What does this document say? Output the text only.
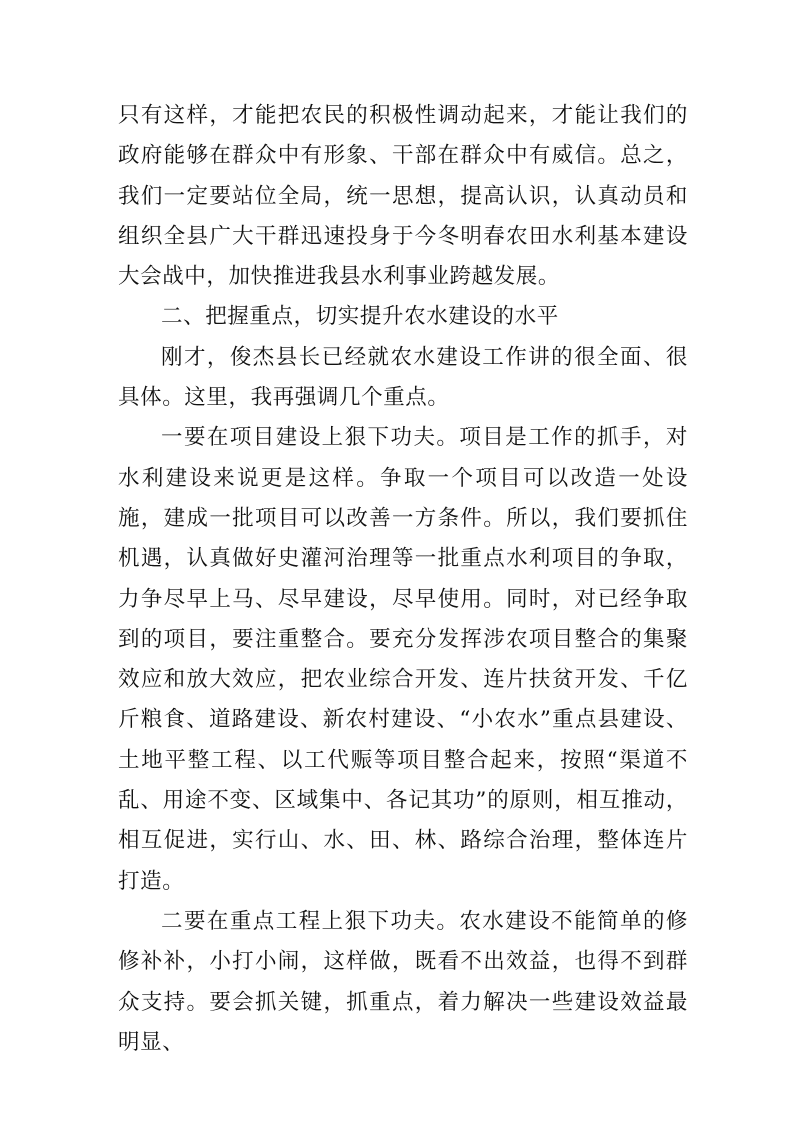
只有这样，才能把农民的积极性调动起来，才能让我们的政府能够在群众中有形象、干部在群众中有威信。总之，我们一定要站位全局，统一思想，提高认识，认真动员和组织全县广大干群迅速投身于今冬明春农田水利基本建设大会战中，加快推进我县水利事业跨越发展。

二、把握重点，切实提升农水建设的水平

刚才，俊杰县长已经就农水建设工作讲的很全面、很具体。这里，我再强调几个重点。

一要在项目建设上狠下功夫。项目是工作的抓手，对水利建设来说更是这样。争取一个项目可以改造一处设施，建成一批项目可以改善一方条件。所以，我们要抓住机遇，认真做好史灌河治理等一批重点水利项目的争取，力争尽早上马、尽早建设，尽早使用。同时，对已经争取到的项目，要注重整合。要充分发挥涉农项目整合的集聚效应和放大效应，把农业综合开发、连片扶贫开发、千亿斤粮食、道路建设、新农村建设、“小农水”重点县建设、土地平整工程、以工代赈等项目整合起来，按照“渠道不乱、用途不变、区域集中、各记其功”的原则，相互推动，相互促进，实行山、水、田、林、路综合治理，整体连片打造。

二要在重点工程上狠下功夫。农水建设不能简单的修修补补，小打小闹，这样做，既看不出效益，也得不到群众支持。要会抓关键，抓重点，着力解决一些建设效益最明显、
